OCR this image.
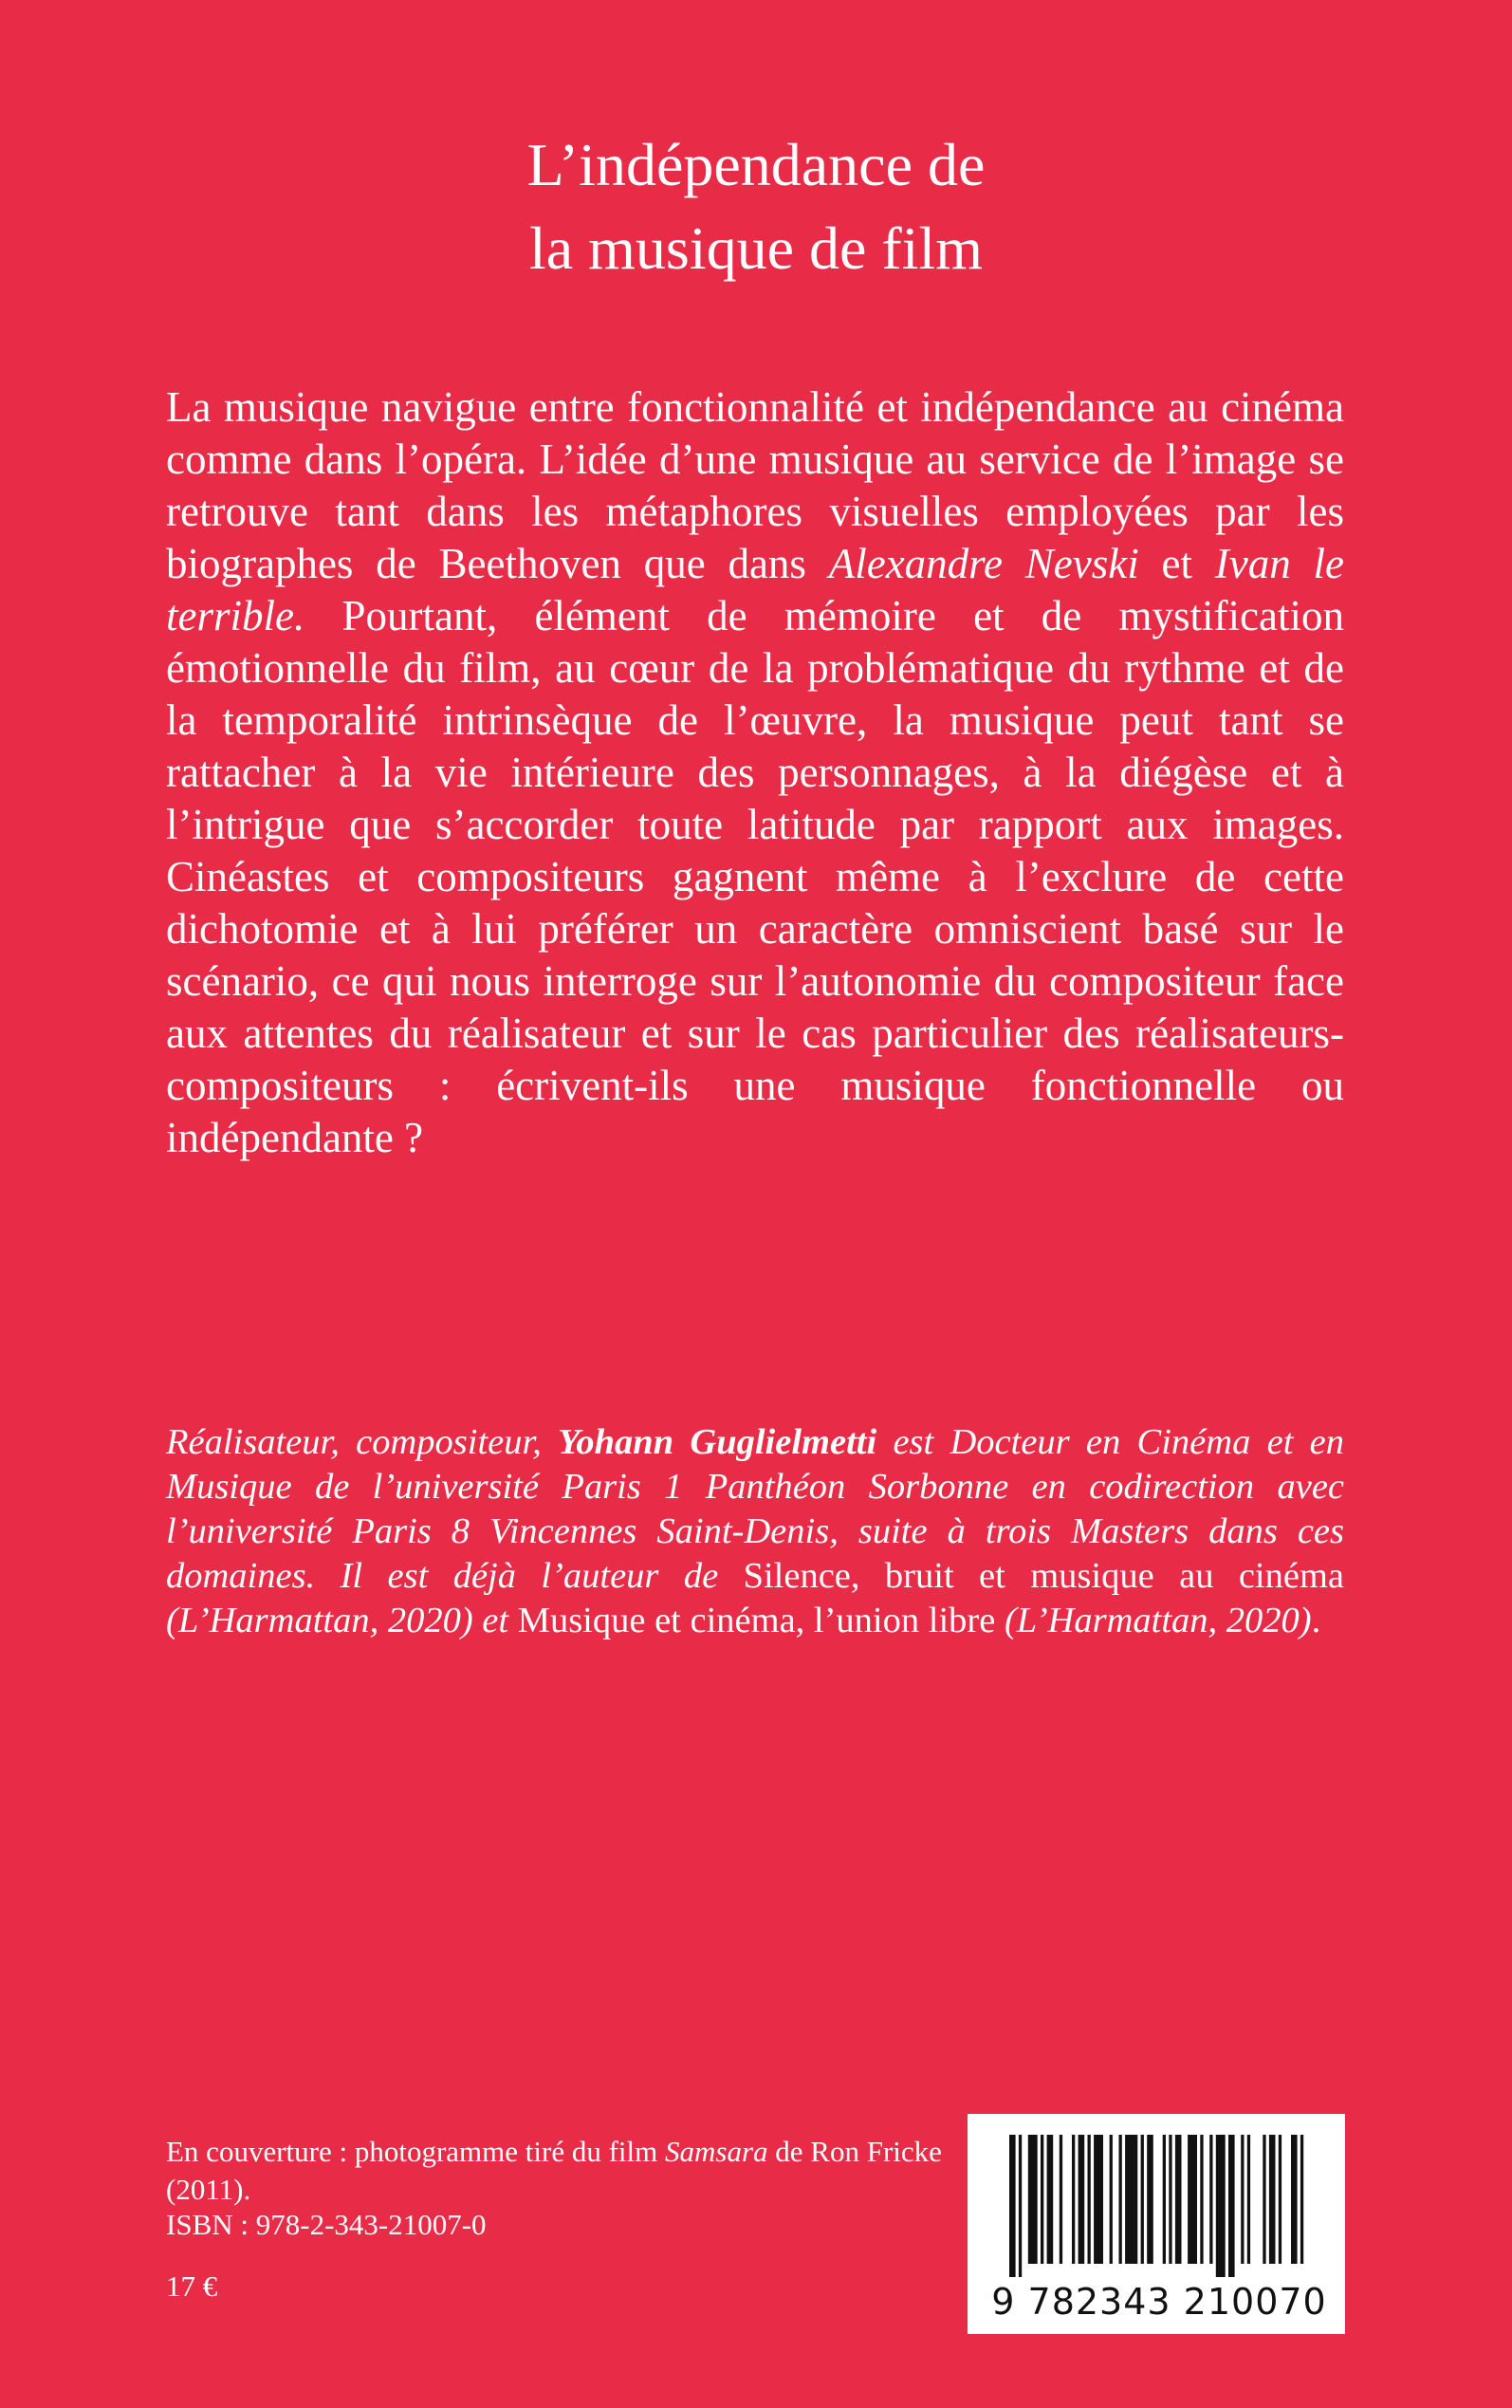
L’indépendance de
la musique de film

La musique navigue entre fonctionnalité et indépendance au cinéma comme dans l’opéra. L’idée d’une musique au service de l’image se retrouve tant dans les métaphores visuelles employées par les biographes de Beethoven que dans Alexandre Nevski et Ivan le terrible. Pourtant, élément de mémoire et de mystification émotionnelle du film, au cœur de la problématique du rythme et de la temporalité intrinsèque de l’œuvre, la musique peut tant se rattacher à la vie intérieure des personnages, à la diégèse et à l’intrigue que s’accorder toute latitude par rapport aux images. Cinéastes et compositeurs gagnent même à l’exclure de cette dichotomie et à lui préférer un caractère omniscient basé sur le scénario, ce qui nous interroge sur l’autonomie du compositeur face aux attentes du réalisateur et sur le cas particulier des réalisateurs-compositeurs : écrivent-ils une musique fonctionnelle ou indépendante ?

Réalisateur, compositeur, Yohann Guglielmetti est Docteur en Cinéma et en Musique de l’université Paris 1 Panthéon Sorbonne en codirection avec l’université Paris 8 Vincennes Saint-Denis, suite à trois Masters dans ces domaines. Il est déjà l’auteur de Silence, bruit et musique au cinéma (L’Harmattan, 2020) et Musique et cinéma, l’union libre (L’Harmattan, 2020).

En couverture : photogramme tiré du film Samsara de Ron Fricke (2011).

ISBN : 978-2-343-21007-0
17 €	9 782343 210070
